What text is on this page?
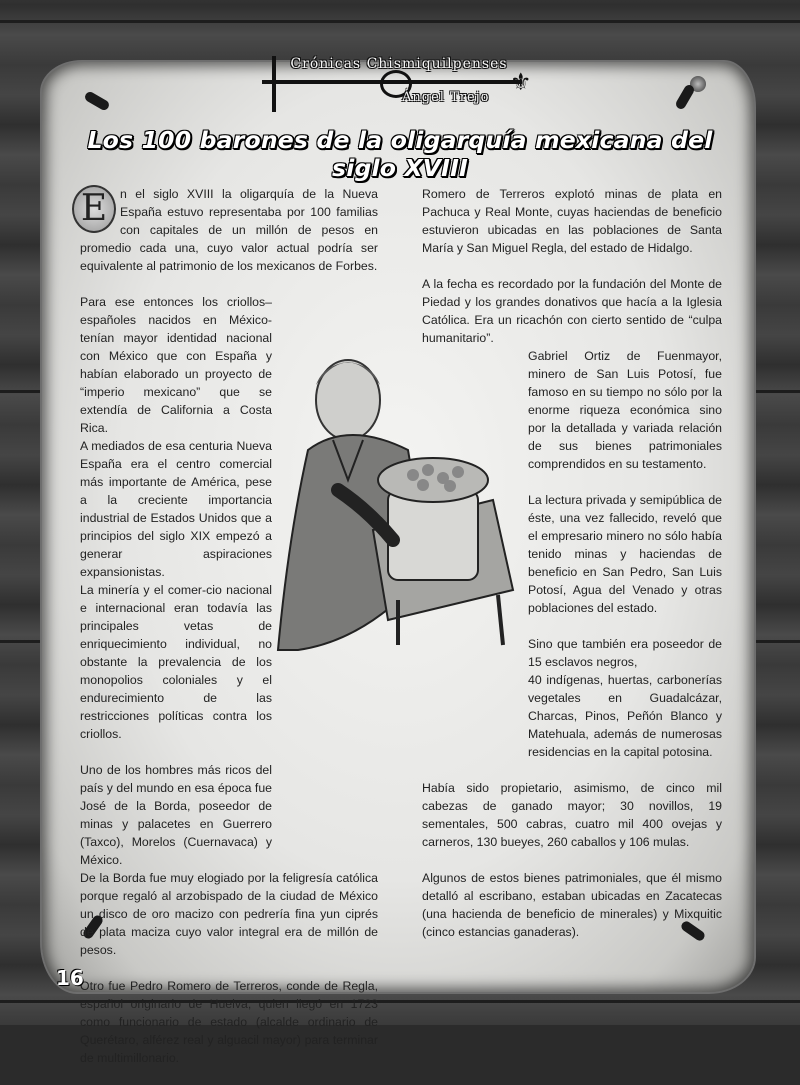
⚜
Crónicas Chismiquilpenses
Ángel Trejo
Los 100 barones de la oligarquía mexicana del siglo XVIII

E	n el siglo XVIII la oligarquía de la Nueva España estuvo representaba por 100 familias con capitales de un millón de pesos en promedio cada una, cuyo valor actual podría ser equivalente al patrimonio de los mexicanos de Forbes.

Para ese entonces los criollos–españoles nacidos en México- tenían mayor identidad nacional con México que con España y habían elaborado un proyecto de “imperio mexicano” que se extendía de California a Costa Rica.

A mediados de esa centuria Nueva España era el centro comercial más importante de América, pese a la creciente importancia industrial de Estados Unidos que a principios del siglo XIX empezó a generar aspiraciones expansionistas.

La minería y el comer-cio nacional e internacional eran todavía las principales vetas de enriquecimiento individual, no obstante la prevalencia de los monopolios coloniales y el endurecimiento de las restricciones políticas contra los criollos.

Uno de los hombres más ricos del país y del mundo en esa época fue José de la Borda, poseedor de minas y palacetes en Guerrero (Taxco), Morelos (Cuernavaca) y México.

De la Borda fue muy elogiado por la feligresía católica porque regaló al arzobispado de la ciudad de México un disco de oro macizo con pedrería fina yun ciprés de plata maciza cuyo valor integral era de millón de pesos.

Otro fue Pedro Romero de Terreros, conde de Regla, español originario de Huelva, quien llegó en 1723 como funcionario de estado (alcalde ordinario de Querétaro, alférez real y alguacil mayor) para terminar de multimillonario.

Romero de Terreros explotó minas de plata en Pachuca y Real Monte, cuyas haciendas de beneficio estuvieron ubicadas en las poblaciones de Santa María y San Miguel Regla, del estado de Hidalgo.

A la fecha es recordado por la fundación del Monte de Piedad y los grandes donativos que hacía a la Iglesia Católica. Era un ricachón con cierto sentido de “culpa humanitario”.

Gabriel Ortiz de Fuenmayor, minero de San Luis Potosí, fue famoso en su tiempo no sólo por la enorme riqueza económica sino por la detallada y variada relación de sus bienes patrimoniales comprendidos en su testamento.

La lectura privada y semipública de éste, una vez fallecido, reveló que el empresario minero no sólo había tenido minas y haciendas de beneficio en San Pedro, San Luis Potosí, Agua del Venado y otras poblaciones del estado.

Sino que también era poseedor de 15 esclavos negros,

40 indígenas, huertas, carbonerías vegetales en Guadalcázar, Charcas, Pinos, Peñón Blanco y Matehuala, además de numerosas residencias en la capital potosina.

Había sido propietario, asimismo, de cinco mil cabezas de ganado mayor; 30 novillos, 19 sementales, 500 cabras, cuatro mil 400 ovejas y carneros, 130 bueyes, 260 caballos y 106 mulas.

Algunos de estos bienes patrimoniales, que él mismo detalló al escribano, estaban ubicadas en Zacatecas (una hacienda de beneficio de minerales) y Mixquitic (cinco estancias ganaderas).

16
